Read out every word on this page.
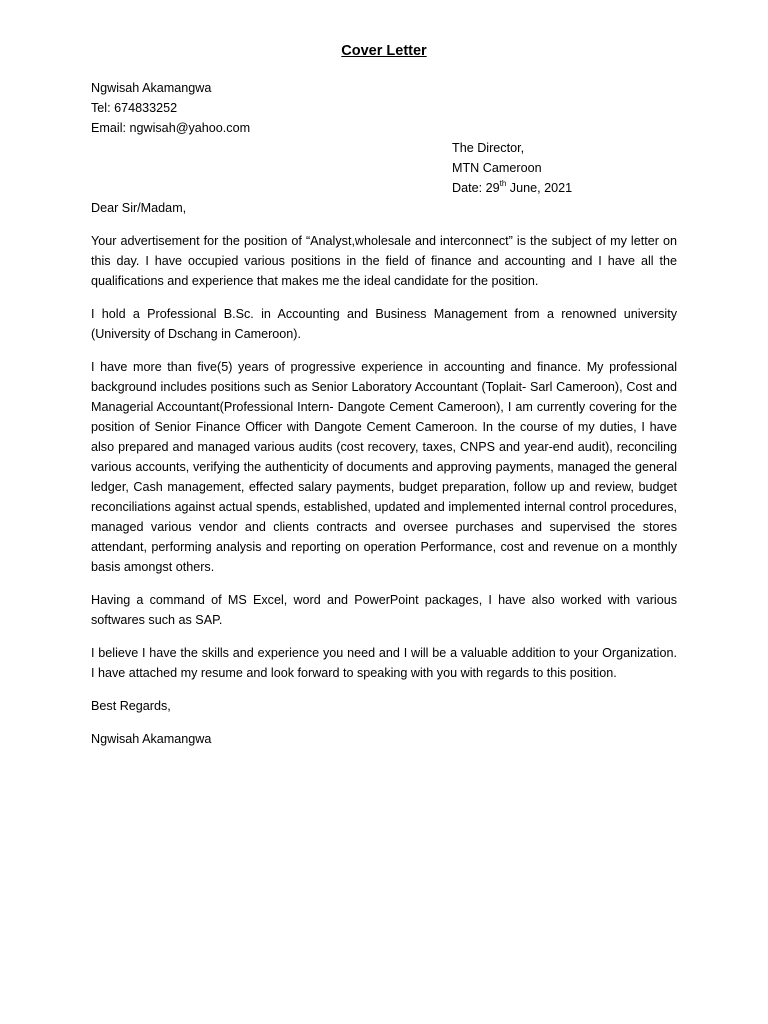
Cover Letter
Ngwisah Akamangwa
Tel: 674833252
Email: ngwisah@yahoo.com
The Director,
MTN Cameroon
Date: 29th June, 2021
Dear Sir/Madam,

Your advertisement for the position of “Analyst,wholesale and interconnect” is the subject of my letter on this day. I have occupied various positions in the field of finance and accounting and I have all the qualifications and experience that makes me the ideal candidate for the position.

I hold a Professional B.Sc. in Accounting and Business Management from a renowned university (University of Dschang in Cameroon).

I have more than five(5) years of progressive experience in accounting and finance. My professional background includes positions such as Senior Laboratory Accountant (Toplait- Sarl Cameroon), Cost and Managerial Accountant(Professional Intern- Dangote Cement Cameroon), I am currently covering for the position of Senior Finance Officer with Dangote Cement Cameroon. In the course of my duties, I have also prepared and managed various audits (cost recovery, taxes, CNPS and year-end audit), reconciling various accounts, verifying the authenticity of documents and approving payments, managed the general ledger, Cash management, effected salary payments, budget preparation, follow up and review, budget reconciliations against actual spends, established, updated and implemented internal control procedures, managed various vendor and clients contracts and oversee purchases and supervised the stores attendant, performing analysis and reporting on operation Performance, cost and revenue on a monthly basis amongst others.

Having a command of MS Excel, word and PowerPoint packages, I have also worked with various softwares such as SAP.

I believe I have the skills and experience you need and I will be a valuable addition to your Organization. I have attached my resume and look forward to speaking with you with regards to this position.

Best Regards,
Ngwisah Akamangwa
